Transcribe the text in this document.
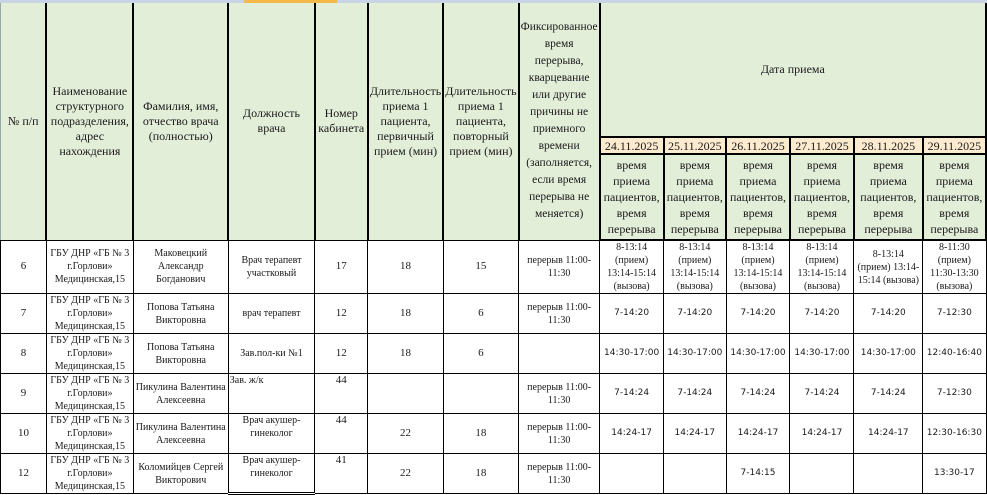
№ п/п	Наименование структурного подразделения, адрес нахождения	Фамилия, имя, отчество врача (полностью)	Должность врача	Номер кабинета	Длительность приема 1 пациента, первичный прием (мин)	Длительность приема 1 пациента, повторный прием (мин)	Фиксированное время перерыва, кварцевание или другие причины не приемного времени (заполняется, если время перерыва не меняется)	Дата приема					
								24.11.2025	25.11.2025	26.11.2025	27.11.2025	28.11.2025	29.11.2025
								время приема пациентов, время перерыва	время приема пациентов, время перерыва	время приема пациентов, время перерыва	время приема пациентов, время перерыва	время приема пациентов, время перерыва	время приема пациентов, время перерыва
6	ГБУ ДНР «ГБ № 3 г.Горлови» Медицинская,15	Маковецкий Александр Богданович	Врач терапевт участковый	17	18	15	перерыв 11:00-11:30	8-13:14 (прием) 13:14-15:14 (вызова)	8-13:14 (прием) 13:14-15:14 (вызова)	8-13:14 (прием) 13:14-15:14 (вызова)	8-13:14 (прием) 13:14-15:14 (вызова)	8-13:14 (прием) 13:14-15:14 (вызова)	8-11:30 (прием) 11:30-13:30 (вызова)
7	ГБУ ДНР «ГБ № 3 г.Горлови» Медицинская,15	Попова Татьяна Викторовна	врач терапевт	12	18	6	перерыв 11:00-11:30	7-14:20	7-14:20	7-14:20	7-14:20	7-14:20	7-12:30
8	ГБУ ДНР «ГБ № 3 г.Горлови» Медицинская,15	Попова Татьяна Викторовна	Зав.пол-ки №1	12	18	6		14:30-17:00	14:30-17:00	14:30-17:00	14:30-17:00	14:30-17:00	12:40-16:40
9	ГБУ ДНР «ГБ № 3 г.Горлови» Медицинская,15	Пикулина Валентина Алексеевна	Зав. ж/к	44			перерыв 11:00-11:30	7-14:24	7-14:24	7-14:24	7-14:24	7-14:24	7-12:30
10	ГБУ ДНР «ГБ № 3 г.Горлови» Медицинская,15	Пикулина Валентина Алексеевна	Врач акушер-гинеколог	44	22	18	перерыв 11:00-11:30	14:24-17	14:24-17	14:24-17	14:24-17	14:24-17	12:30-16:30
12	ГБУ ДНР «ГБ № 3 г.Горлови» Медицинская,15	Коломийцев Сергей Викторович	Врач акушер-гинеколог	41	22	18	перерыв 11:00-11:30			7-14:15			13:30-17
